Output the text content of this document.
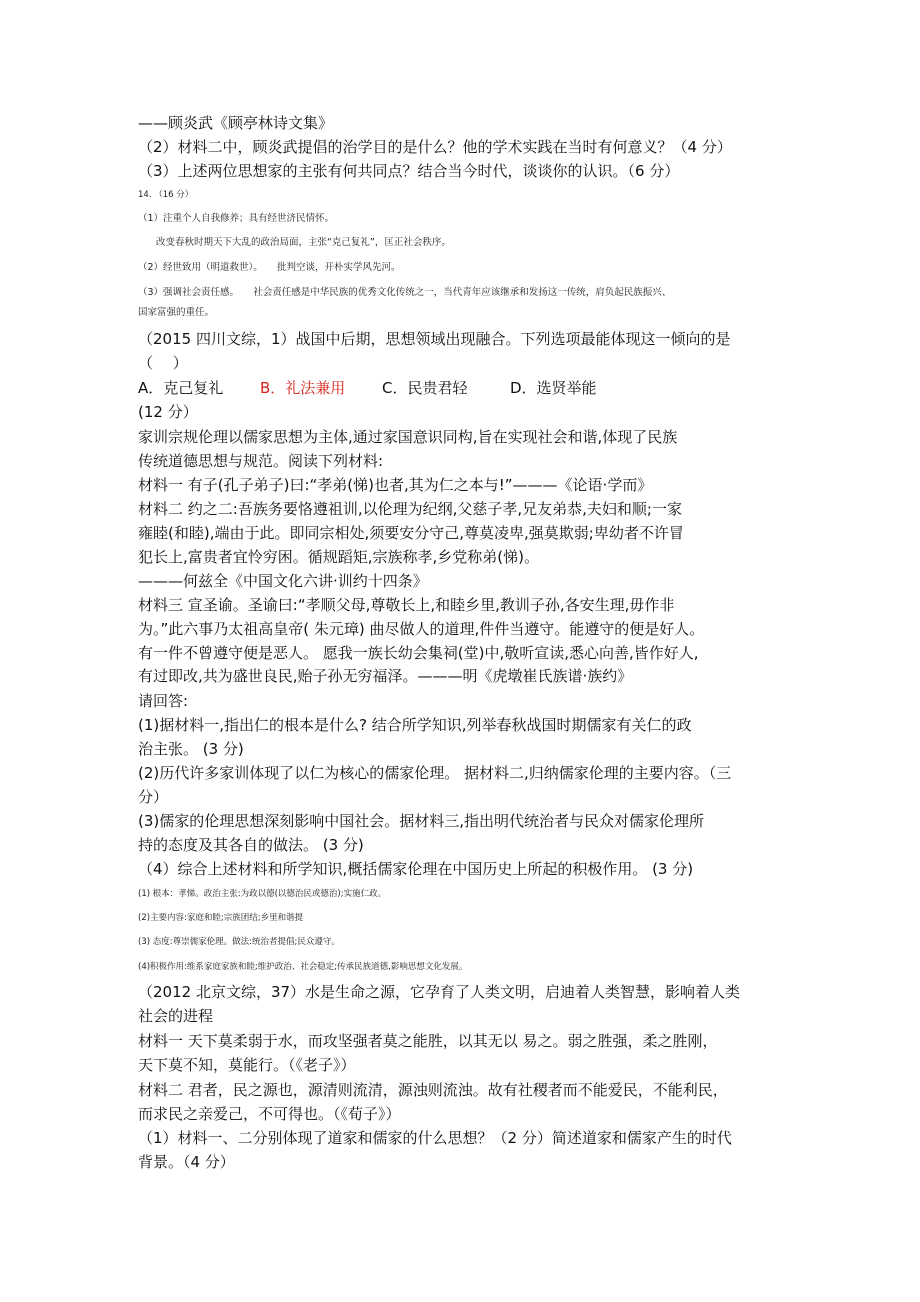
——顾炎武《顾亭林诗文集》
（2）材料二中，顾炎武提倡的治学目的是什么？他的学术实践在当时有何意义？（4 分）
（3）上述两位思想家的主张有何共同点？结合当今时代，谈谈你的认识。（6 分）
14. （16 分）
（1）注重个人自我修养；具有经世济民情怀。
改变春秋时期天下大乱的政治局面，主张“克己复礼”，匡正社会秩序。
（2）经世致用（明道救世）。　　批判空谈，开朴实学风先河。
（3）强调社会责任感。　　社会责任感是中华民族的优秀文化传统之一，当代青年应该继承和发扬这一传统，肩负起民族振兴、
国家富强的重任。
（2015 四川文综，1）战国中后期，思想领域出现融合。下列选项最能体现这一倾向的是
（　 ）
A．克己复礼 B．礼法兼用 C．民贵君轻	D．选贤举能
(12 分）
家训宗规伦理以儒家思想为主体,通过家国意识同构,旨在实现社会和谐,体现了民族
传统道德思想与规范。阅读下列材料:
材料一 有子(孔子弟子)曰:“孝弟(悌)也者,其为仁之本与!”———《论语·学而》
材料二 约之二:吾族务要恪遵祖训,以伦理为纪纲,父慈子孝,兄友弟恭,夫妇和顺;一家
雍睦(和睦),端由于此。即同宗相处,须要安分守己,尊莫凌卑,强莫欺弱;卑幼者不许冒
犯长上,富贵者宜怜穷困。循规蹈矩,宗族称孝,乡党称弟(悌)。
———何兹全《中国文化六讲·训约十四条》
材料三 宣圣谕。圣谕曰:“孝顺父母,尊敬长上,和睦乡里,教训子孙,各安生理,毋作非
为。”此六事乃太祖高皇帝( 朱元璋) 曲尽做人的道理,件件当遵守。能遵守的便是好人。
有一件不曾遵守便是恶人。 愿我一族长幼会集祠(堂)中,敬听宣读,悉心向善,皆作好人,
有过即改,共为盛世良民,贻子孙无穷福泽。———明《虎墩崔氏族谱·族约》
请回答:
(1)据材料一,指出仁的根本是什么? 结合所学知识,列举春秋战国时期儒家有关仁的政
治主张。 (3 分)
(2)历代许多家训体现了以仁为核心的儒家伦理。 据材料二,归纳儒家伦理的主要内容。（三
分）
(3)儒家的伦理思想深刻影响中国社会。据材料三,指出明代统治者与民众对儒家伦理所
持的态度及其各自的做法。 (3 分)
（4）综合上述材料和所学知识,概括儒家伦理在中国历史上所起的积极作用。 (3 分)
(1) 根本：孝悌。政治主张:为政以德(以德治民或德治);实施仁政。
(2)主要内容:家庭和睦;宗族团结;乡里和谐提
(3) 态度:尊崇儒家伦理。做法:统治者提倡;民众遵守。
(4)积极作用:维系家庭家族和睦;维护政治、社会稳定;传承民族道德,影响思想文化发展。
（2012 北京文综，37）水是生命之源，它孕育了人类文明，启迪着人类智慧，影响着人类
社会的进程
材料一 天下莫柔弱于水，而攻坚强者莫之能胜，以其无以 易之。弱之胜强，柔之胜刚，
天下莫不知，莫能行。（《老子》）
材料二 君者，民之源也，源清则流清，源浊则流浊。故有社稷者而不能爱民，不能利民，
而求民之亲爱己，不可得也。（《荀子》）
（1）材料一、二分别体现了道家和儒家的什么思想？（2 分）简述道家和儒家产生的时代
背景。（4 分）
